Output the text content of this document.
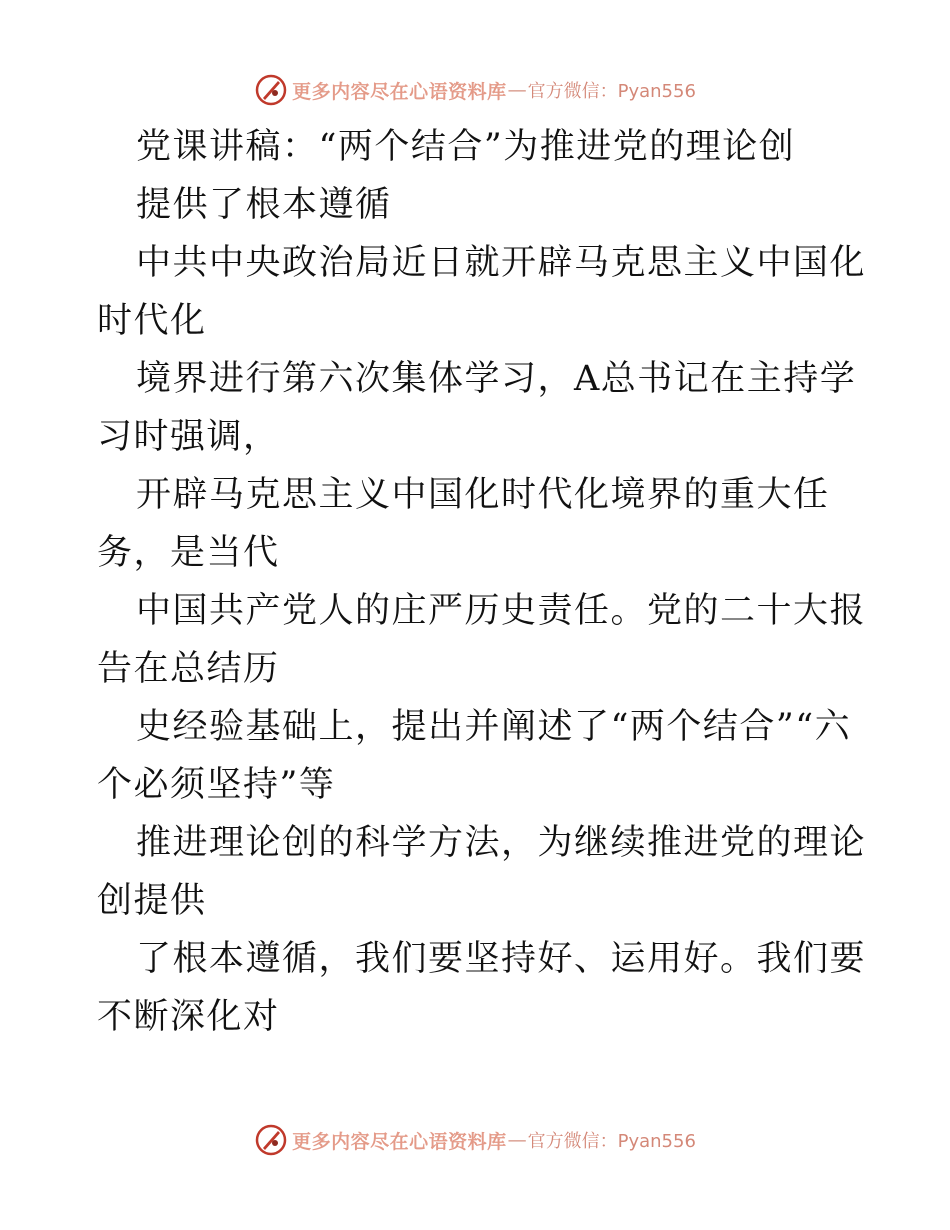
更多内容尽在心语资料库 — 官方微信：Pyan556

党课讲稿：“两个结合”为推进党的理论创

提供了根本遵循

中共中央政治局近日就开辟马克思主义中国化时代化

境界进行第六次集体学习，A总书记在主持学习时强调，

开辟马克思主义中国化时代化境界的重大任务，是当代

中国共产党人的庄严历史责任。党的二十大报告在总结历

史经验基础上，提出并阐述了“两个结合”“六个必须坚持”等

推进理论创的科学方法，为继续推进党的理论创提供

了根本遵循，我们要坚持好、运用好。我们要不断深化对

更多内容尽在心语资料库 — 官方微信：Pyan556
